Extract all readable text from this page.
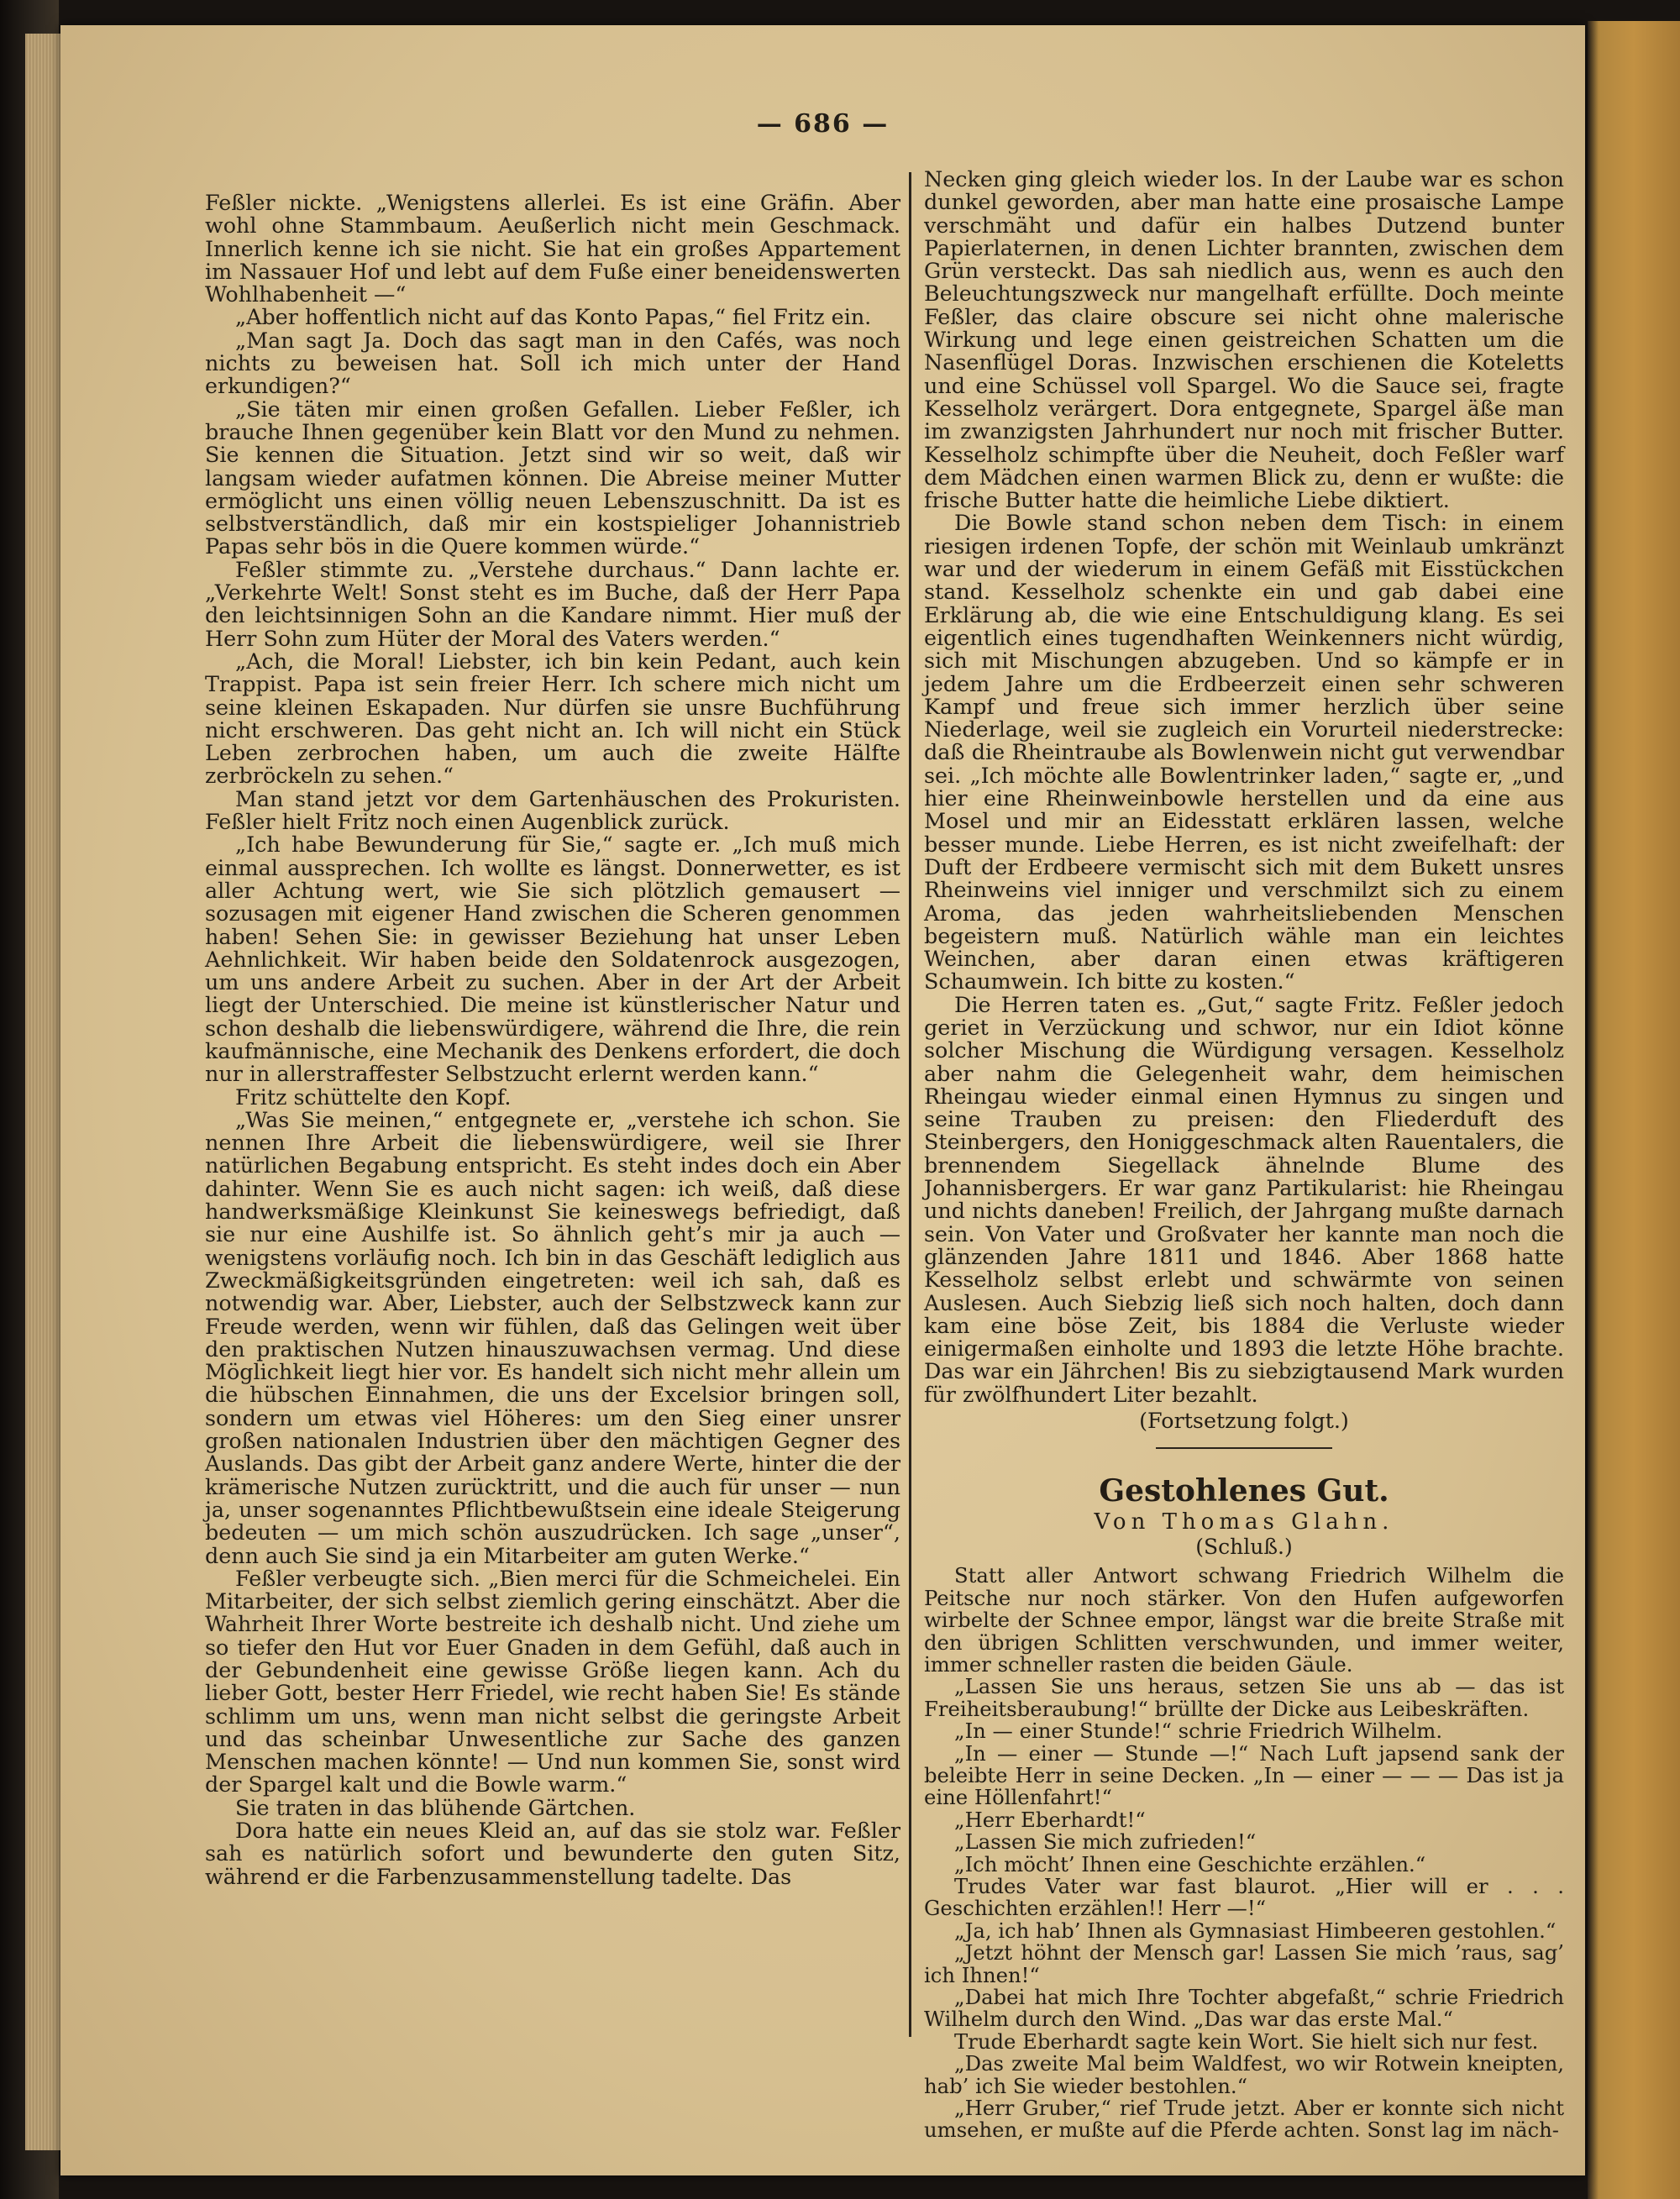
— 686 —

Feßler nickte. „Wenigstens allerlei. Es ist eine Gräfin. Aber wohl ohne Stammbaum. Aeußerlich nicht mein Geschmack. Innerlich kenne ich sie nicht. Sie hat ein großes Appartement im Nassauer Hof und lebt auf dem Fuße einer beneidenswerten Wohlhabenheit —“

„Aber hoffentlich nicht auf das Konto Papas,“ fiel Fritz ein.

„Man sagt Ja. Doch das sagt man in den Cafés, was noch nichts zu beweisen hat. Soll ich mich unter der Hand erkundigen?“

„Sie täten mir einen großen Gefallen. Lieber Feßler, ich brauche Ihnen gegenüber kein Blatt vor den Mund zu nehmen. Sie kennen die Situation. Jetzt sind wir so weit, daß wir langsam wieder aufatmen können. Die Abreise meiner Mutter ermöglicht uns einen völlig neuen Lebenszuschnitt. Da ist es selbstverständlich, daß mir ein kostspieliger Johannistrieb Papas sehr bös in die Quere kommen würde.“

Feßler stimmte zu. „Verstehe durchaus.“ Dann lachte er. „Verkehrte Welt! Sonst steht es im Buche, daß der Herr Papa den leichtsinnigen Sohn an die Kandare nimmt. Hier muß der Herr Sohn zum Hüter der Moral des Vaters werden.“

„Ach, die Moral! Liebster, ich bin kein Pedant, auch kein Trappist. Papa ist sein freier Herr. Ich schere mich nicht um seine kleinen Eskapaden. Nur dürfen sie unsre Buchführung nicht erschweren. Das geht nicht an. Ich will nicht ein Stück Leben zerbrochen haben, um auch die zweite Hälfte zerbröckeln zu sehen.“

Man stand jetzt vor dem Gartenhäuschen des Prokuristen. Feßler hielt Fritz noch einen Augenblick zurück.

„Ich habe Bewunderung für Sie,“ sagte er. „Ich muß mich einmal aussprechen. Ich wollte es längst. Donnerwetter, es ist aller Achtung wert, wie Sie sich plötzlich gemausert — sozusagen mit eigener Hand zwischen die Scheren genommen haben! Sehen Sie: in gewisser Beziehung hat unser Leben Aehnlichkeit. Wir haben beide den Soldatenrock ausgezogen, um uns andere Arbeit zu suchen. Aber in der Art der Arbeit liegt der Unterschied. Die meine ist künstlerischer Natur und schon deshalb die liebenswürdigere, während die Ihre, die rein kaufmännische, eine Mechanik des Denkens erfordert, die doch nur in allerstraffester Selbstzucht erlernt werden kann.“

Fritz schüttelte den Kopf.

„Was Sie meinen,“ entgegnete er, „verstehe ich schon. Sie nennen Ihre Arbeit die liebenswürdigere, weil sie Ihrer natürlichen Begabung entspricht. Es steht indes doch ein Aber dahinter. Wenn Sie es auch nicht sagen: ich weiß, daß diese handwerksmäßige Kleinkunst Sie keineswegs befriedigt, daß sie nur eine Aushilfe ist. So ähnlich geht’s mir ja auch — wenigstens vorläufig noch. Ich bin in das Geschäft lediglich aus Zweckmäßigkeitsgründen eingetreten: weil ich sah, daß es notwendig war. Aber, Liebster, auch der Selbstzweck kann zur Freude werden, wenn wir fühlen, daß das Gelingen weit über den praktischen Nutzen hinauszuwachsen vermag. Und diese Möglichkeit liegt hier vor. Es handelt sich nicht mehr allein um die hübschen Einnahmen, die uns der Excelsior bringen soll, sondern um etwas viel Höheres: um den Sieg einer unsrer großen nationalen Industrien über den mächtigen Gegner des Auslands. Das gibt der Arbeit ganz andere Werte, hinter die der krämerische Nutzen zurücktritt, und die auch für unser — nun ja, unser sogenanntes Pflichtbewußtsein eine ideale Steigerung bedeuten — um mich schön auszudrücken. Ich sage „unser“, denn auch Sie sind ja ein Mitarbeiter am guten Werke.“

Feßler verbeugte sich. „Bien merci für die Schmeichelei. Ein Mitarbeiter, der sich selbst ziemlich gering einschätzt. Aber die Wahrheit Ihrer Worte bestreite ich deshalb nicht. Und ziehe um so tiefer den Hut vor Euer Gnaden in dem Gefühl, daß auch in der Gebundenheit eine gewisse Größe liegen kann. Ach du lieber Gott, bester Herr Friedel, wie recht haben Sie! Es stände schlimm um uns, wenn man nicht selbst die geringste Arbeit und das scheinbar Unwesentliche zur Sache des ganzen Menschen machen könnte! — Und nun kommen Sie, sonst wird der Spargel kalt und die Bowle warm.“

Sie traten in das blühende Gärtchen.

Dora hatte ein neues Kleid an, auf das sie stolz war. Feßler sah es natürlich sofort und bewunderte den guten Sitz, während er die Farbenzusammenstellung tadelte. Das

Necken ging gleich wieder los. In der Laube war es schon dunkel geworden, aber man hatte eine prosaische Lampe verschmäht und dafür ein halbes Dutzend bunter Papierlaternen, in denen Lichter brannten, zwischen dem Grün versteckt. Das sah niedlich aus, wenn es auch den Beleuchtungszweck nur mangelhaft erfüllte. Doch meinte Feßler, das claire obscure sei nicht ohne malerische Wirkung und lege einen geistreichen Schatten um die Nasenflügel Doras. Inzwischen erschienen die Koteletts und eine Schüssel voll Spargel. Wo die Sauce sei, fragte Kesselholz verärgert. Dora entgegnete, Spargel äße man im zwanzigsten Jahrhundert nur noch mit frischer Butter. Kesselholz schimpfte über die Neuheit, doch Feßler warf dem Mädchen einen warmen Blick zu, denn er wußte: die frische Butter hatte die heimliche Liebe diktiert.

Die Bowle stand schon neben dem Tisch: in einem riesigen irdenen Topfe, der schön mit Weinlaub umkränzt war und der wiederum in einem Gefäß mit Eisstückchen stand. Kesselholz schenkte ein und gab dabei eine Erklärung ab, die wie eine Entschuldigung klang. Es sei eigentlich eines tugendhaften Weinkenners nicht würdig, sich mit Mischungen abzugeben. Und so kämpfe er in jedem Jahre um die Erdbeerzeit einen sehr schweren Kampf und freue sich immer herzlich über seine Niederlage, weil sie zugleich ein Vorurteil niederstrecke: daß die Rheintraube als Bowlenwein nicht gut verwendbar sei. „Ich möchte alle Bowlentrinker laden,“ sagte er, „und hier eine Rheinweinbowle herstellen und da eine aus Mosel und mir an Eidesstatt erklären lassen, welche besser munde. Liebe Herren, es ist nicht zweifelhaft: der Duft der Erdbeere vermischt sich mit dem Bukett unsres Rheinweins viel inniger und verschmilzt sich zu einem Aroma, das jeden wahrheitsliebenden Menschen begeistern muß. Natürlich wähle man ein leichtes Weinchen, aber daran einen etwas kräftigeren Schaumwein. Ich bitte zu kosten.“

Die Herren taten es. „Gut,“ sagte Fritz. Feßler jedoch geriet in Verzückung und schwor, nur ein Idiot könne solcher Mischung die Würdigung versagen. Kesselholz aber nahm die Gelegenheit wahr, dem heimischen Rheingau wieder einmal einen Hymnus zu singen und seine Trauben zu preisen: den Fliederduft des Steinbergers, den Honiggeschmack alten Rauentalers, die brennendem Siegellack ähnelnde Blume des Johannisbergers. Er war ganz Partikularist: hie Rheingau und nichts daneben! Freilich, der Jahrgang mußte darnach sein. Von Vater und Großvater her kannte man noch die glänzenden Jahre 1811 und 1846. Aber 1868 hatte Kesselholz selbst erlebt und schwärmte von seinen Auslesen. Auch Siebzig ließ sich noch halten, doch dann kam eine böse Zeit, bis 1884 die Verluste wieder einigermaßen einholte und 1893 die letzte Höhe brachte. Das war ein Jährchen! Bis zu siebzigtausend Mark wurden für zwölfhundert Liter bezahlt.

(Fortsetzung folgt.)

Gestohlenes Gut.
Von Thomas Glahn.
(Schluß.)

Statt aller Antwort schwang Friedrich Wilhelm die Peitsche nur noch stärker. Von den Hufen aufgeworfen wirbelte der Schnee empor, längst war die breite Straße mit den übrigen Schlitten verschwunden, und immer weiter, immer schneller rasten die beiden Gäule.

„Lassen Sie uns heraus, setzen Sie uns ab — das ist Freiheitsberaubung!“ brüllte der Dicke aus Leibeskräften.

„In — einer Stunde!“ schrie Friedrich Wilhelm.

„In — einer — Stunde —!“ Nach Luft japsend sank der beleibte Herr in seine Decken. „In — einer — — — Das ist ja eine Höllenfahrt!“

„Herr Eberhardt!“

„Lassen Sie mich zufrieden!“

„Ich möcht’ Ihnen eine Geschichte erzählen.“

Trudes Vater war fast blaurot. „Hier will er . . . Geschichten erzählen!! Herr —!“

„Ja, ich hab’ Ihnen als Gymnasiast Himbeeren gestohlen.“

„Jetzt höhnt der Mensch gar! Lassen Sie mich ’raus, sag’ ich Ihnen!“

„Dabei hat mich Ihre Tochter abgefaßt,“ schrie Friedrich Wilhelm durch den Wind. „Das war das erste Mal.“

Trude Eberhardt sagte kein Wort. Sie hielt sich nur fest.

„Das zweite Mal beim Waldfest, wo wir Rotwein kneipten, hab’ ich Sie wieder bestohlen.“

„Herr Gruber,“ rief Trude jetzt. Aber er konnte sich nicht umsehen, er mußte auf die Pferde achten. Sonst lag im näch-
